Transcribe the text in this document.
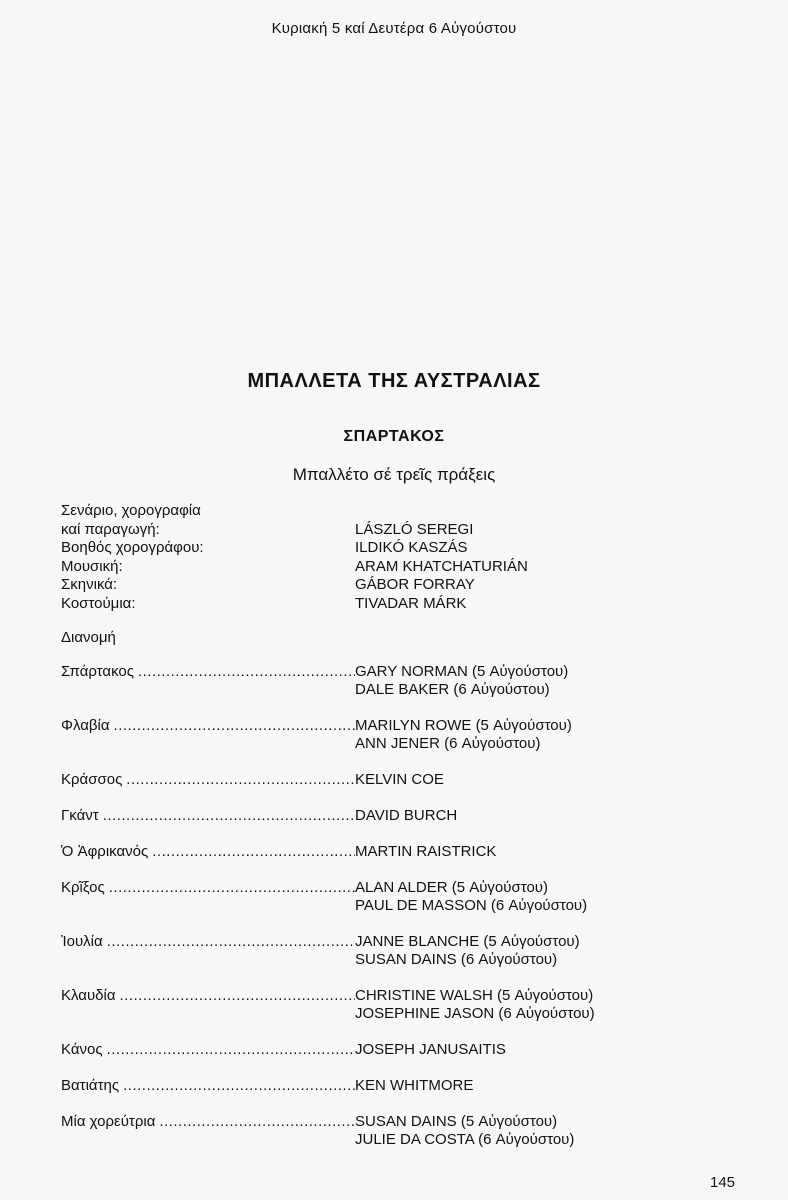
Κυριακή 5 καί Δευτέρα 6 Αὐγούστου
ΜΠΑΛΛΕΤΑ ΤΗΣ ΑΥΣΤΡΑΛΙΑΣ
ΣΠΑΡΤΑΚΟΣ
Μπαλλέτο σέ τρεῖς πράξεις
Σενάριο, χορογραφία
καί παραγωγή:	LÁSZLÓ SEREGI
Βοηθός χορογράφου:	ILDIKÓ KASZÁS
Μουσική:	ARAM KHATCHATURIÁN
Σκηνικά:	GÁBOR FORRAY
Κοστούμια:	TIVADAR MÁRK
Διανομή
Σπάρτακος .....	GARY NORMAN (5 Αὐγούστου)
DALE BAKER (6 Αὐγούστου)
Φλαβία .....	MARILYN ROWE (5 Αὐγούστου)
ANN JENER (6 Αὐγούστου)
Κράσσος .....	KELVIN COE
Γκάντ .....	DAVID BURCH
Ὁ Ἀφρικανός .....	MARTIN RAISTRICK
Κρῖξος .....	ALAN ALDER (5 Αὐγούστου)
PAUL DE MASSON (6 Αὐγούστου)
Ἰουλία .....	JANNE BLANCHE (5 Αὐγούστου)
SUSAN DAINS (6 Αὐγούστου)
Κλαυδία .....	CHRISTINE WALSH (5 Αὐγούστου)
JOSEPHINE JASON (6 Αὐγούστου)
Κάνος .....	JOSEPH JANUSAITIS
Βατιάτης .....	KEN WHITMORE
Μία χορεύτρια .....	SUSAN DAINS (5 Αὐγούστου)
JULIE DA COSTA (6 Αὐγούστου)
145
